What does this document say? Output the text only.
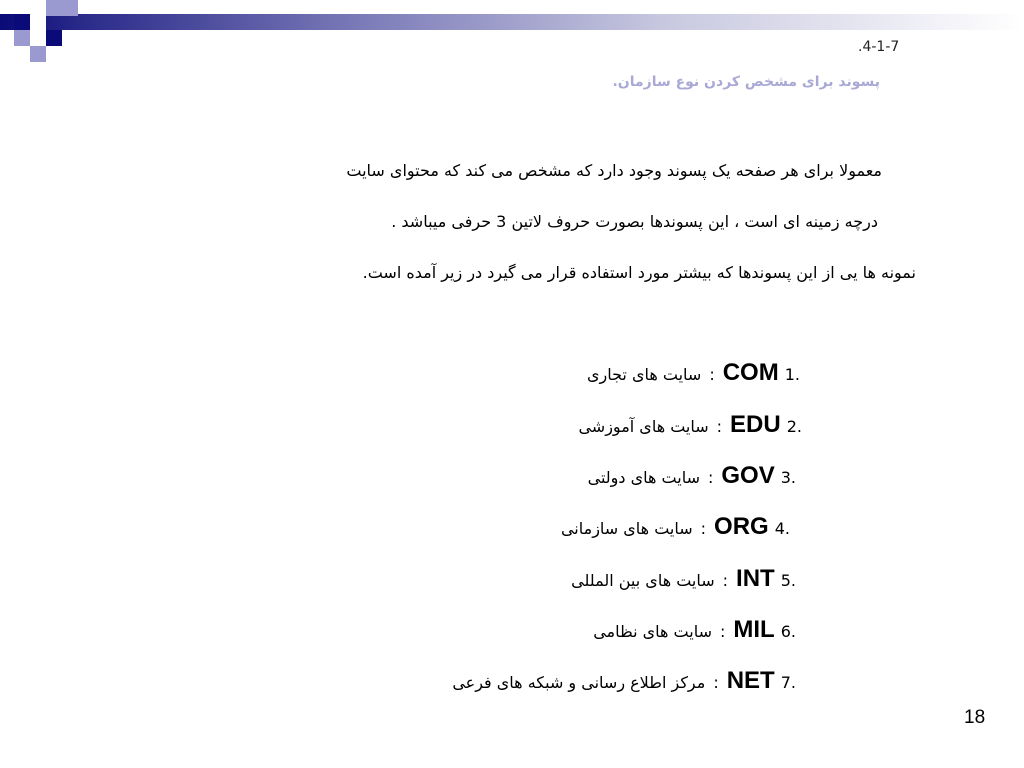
.4-1-7
پسوند برای مشخص کردن نوع سازمان.
معمولا برای هر صفحه یک پسوند وجود دارد که مشخص می کند که محتوای سایت
درچه زمینه ای است ، این پسوندها بصورت حروف لاتین 3 حرفی میباشد .
نمونه ها یی از این پسوندها که بیشتر مورد استفاده قرار می گیرد در زیر آمده است.
.1
COM
:
سایت های تجاری
.2
EDU
:
سایت های آموزشی
.3
GOV
:
سایت های دولتی
.4
ORG
:
سایت های سازمانی
.5
INT
:
سایت های بین المللی
.6
MIL
:
سایت های نظامی
.7
NET
:
مرکز اطلاع رسانی و شبکه های فرعی
18
